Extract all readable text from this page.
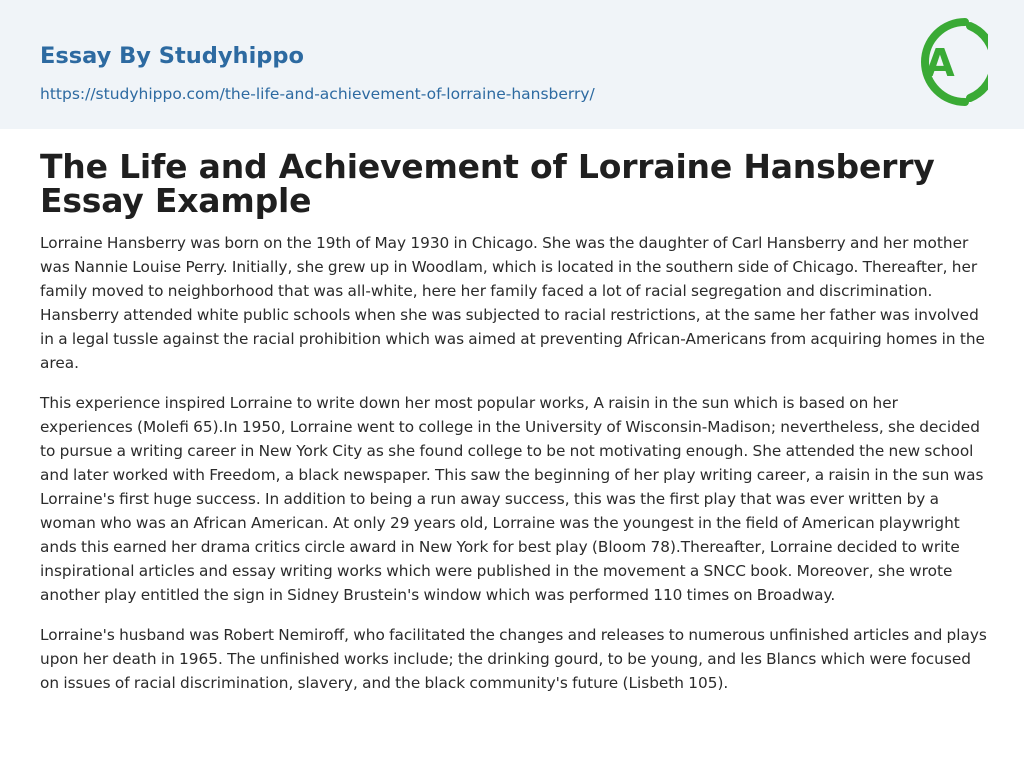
Essay By Studyhippo
https://studyhippo.com/the-life-and-achievement-of-lorraine-hansberry/
A
The Life and Achievement of Lorraine Hansberry Essay Example

Lorraine Hansberry was born on the 19th of May 1930 in Chicago. She was the daughter of Carl Hansberry and her mother was Nannie Louise Perry. Initially, she grew up in Woodlam, which is located in the southern side of Chicago. Thereafter, her family moved to neighborhood that was all-white, here her family faced a lot of racial segregation and discrimination. Hansberry attended white public schools when she was subjected to racial restrictions, at the same her father was involved in a legal tussle against the racial prohibition which was aimed at preventing African-Americans from acquiring homes in the area.

This experience inspired Lorraine to write down her most popular works, A raisin in the sun which is based on her experiences (Molefi 65).In 1950, Lorraine went to college in the University of Wisconsin-Madison; nevertheless, she decided to pursue a writing career in New York City as she found college to be not motivating enough. She attended the new school and later worked with Freedom, a black newspaper. This saw the beginning of her play writing career, a raisin in the sun was Lorraine's first huge success. In addition to being a run away success, this was the first play that was ever written by a woman who was an African American. At only 29 years old, Lorraine was the youngest in the field of American playwright ands this earned her drama critics circle award in New York for best play (Bloom 78).Thereafter, Lorraine decided to write inspirational articles and essay writing works which were published in the movement a SNCC book. Moreover, she wrote another play entitled the sign in Sidney Brustein's window which was performed 110 times on Broadway.

Lorraine's husband was Robert Nemiroff, who facilitated the changes and releases to numerous unfinished articles and plays upon her death in 1965. The unfinished works include; the drinking gourd, to be young, and les Blancs which were focused on issues of racial discrimination, slavery, and the black community's future (Lisbeth 105).
